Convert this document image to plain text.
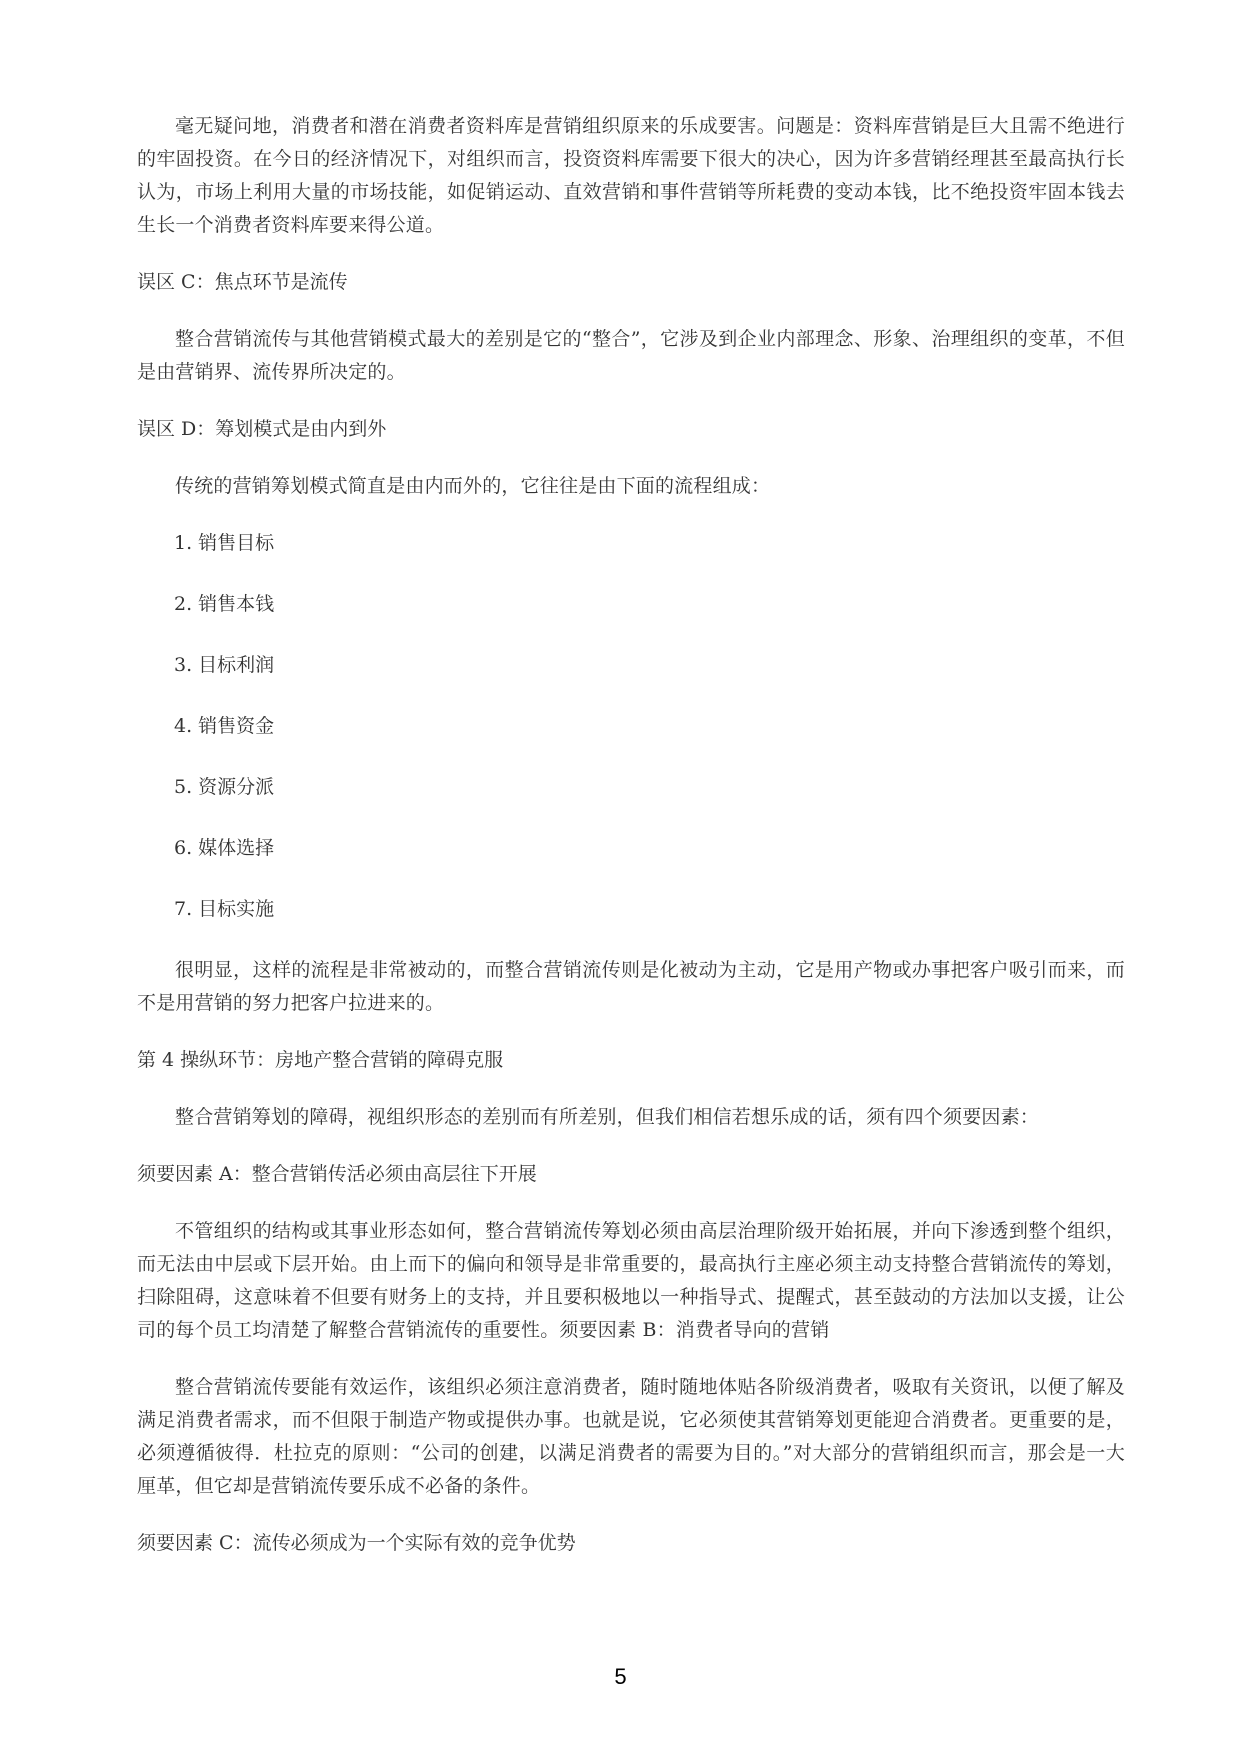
毫无疑问地，消费者和潜在消费者资料库是营销组织原来的乐成要害。问题是：资料库营销是巨大且需不绝进行的牢固投资。在今日的经济情况下，对组织而言，投资资料库需要下很大的决心，因为许多营销经理甚至最高执行长认为，市场上利用大量的市场技能，如促销运动、直效营销和事件营销等所耗费的变动本钱，比不绝投资牢固本钱去生长一个消费者资料库要来得公道。

误区 C：焦点环节是流传

整合营销流传与其他营销模式最大的差别是它的“整合”，它涉及到企业内部理念、形象、治理组织的变革，不但是由营销界、流传界所决定的。

误区 D：筹划模式是由内到外

传统的营销筹划模式简直是由内而外的，它往往是由下面的流程组成：

1. 销售目标
2. 销售本钱
3. 目标利润
4. 销售资金
5. 资源分派
6. 媒体选择
7. 目标实施

很明显，这样的流程是非常被动的，而整合营销流传则是化被动为主动，它是用产物或办事把客户吸引而来，而不是用营销的努力把客户拉进来的。

第 4 操纵环节：房地产整合营销的障碍克服

整合营销筹划的障碍，视组织形态的差别而有所差别，但我们相信若想乐成的话，须有四个须要因素：

须要因素 A：整合营销传活必须由高层往下开展

不管组织的结构或其事业形态如何，整合营销流传筹划必须由高层治理阶级开始拓展，并向下渗透到整个组织，而无法由中层或下层开始。由上而下的偏向和领导是非常重要的，最高执行主座必须主动支持整合营销流传的筹划，扫除阻碍，这意味着不但要有财务上的支持，并且要积极地以一种指导式、提醒式，甚至鼓动的方法加以支援，让公司的每个员工均清楚了解整合营销流传的重要性。须要因素 B：消费者导向的营销

整合营销流传要能有效运作，该组织必须注意消费者，随时随地体贴各阶级消费者，吸取有关资讯，以便了解及满足消费者需求，而不但限于制造产物或提供办事。也就是说，它必须使其营销筹划更能迎合消费者。更重要的是，必须遵循彼得．杜拉克的原则：“公司的创建，以满足消费者的需要为目的。”对大部分的营销组织而言，那会是一大厘革，但它却是营销流传要乐成不必备的条件。

须要因素 C：流传必须成为一个实际有效的竞争优势

5
